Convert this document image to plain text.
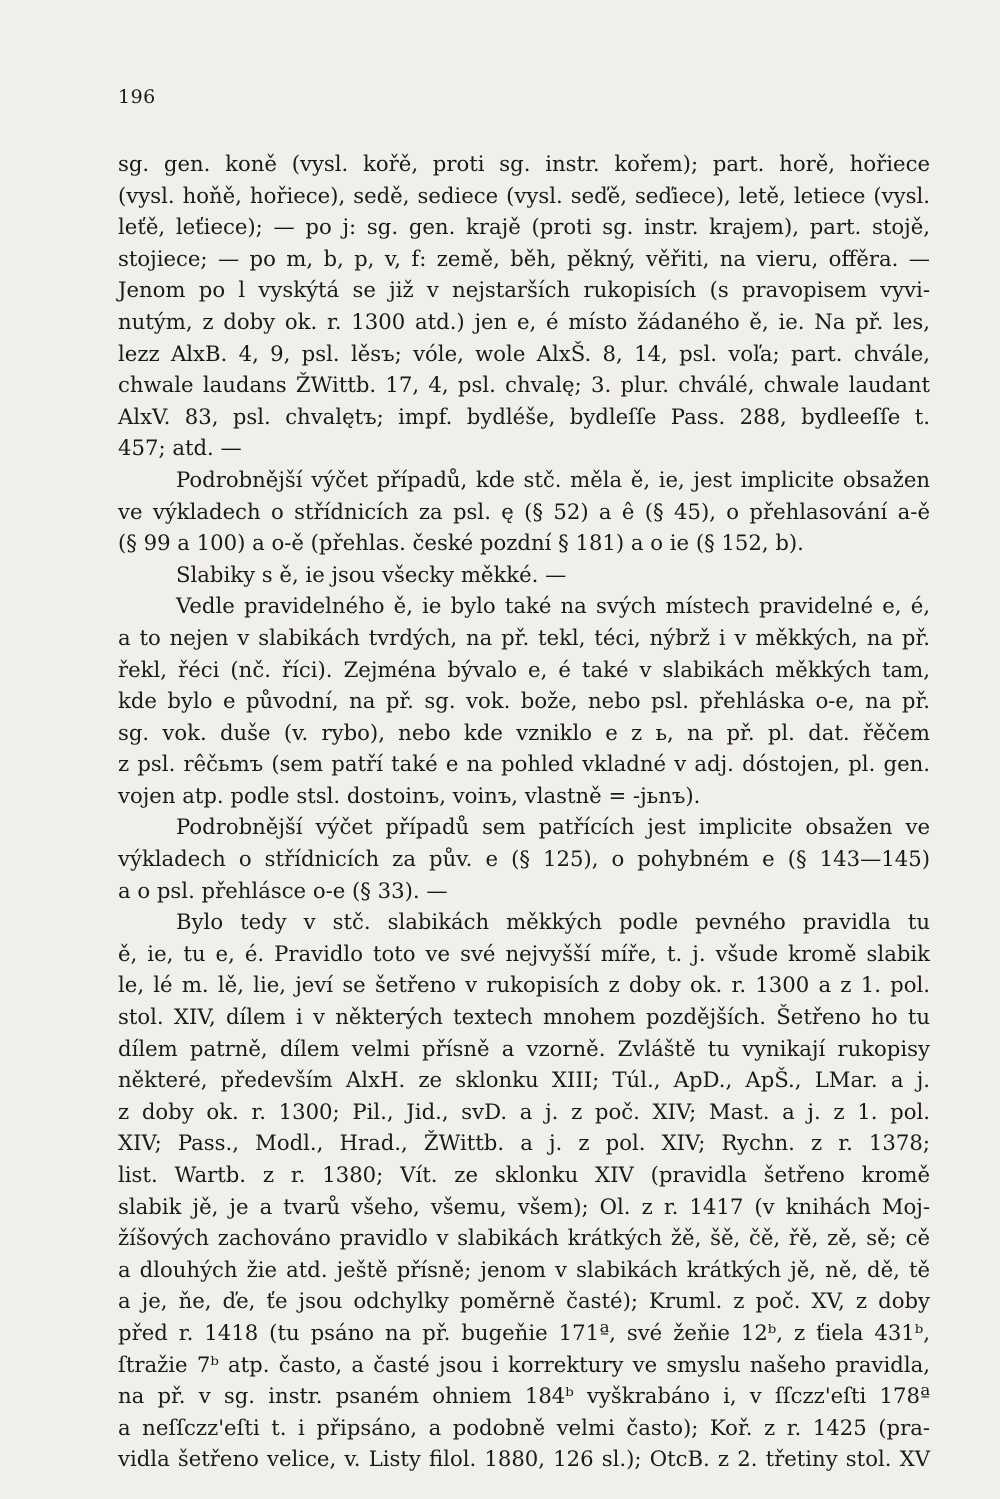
196
sg. gen. koně (vysl. kořě, proti sg. instr. kořem); part. horě, hořiece
(vysl. hoňě, hořiece), sedě, sediece (vysl. seďě, seďiece), letě, letiece (vysl.
leťě, leťiece); — po j: sg. gen. krajě (proti sg. instr. krajem), part. stojě,
stojiece; — po m, b, p, v, f: země, běh, pěkný, věřiti, na vieru, offěra. —
Jenom po l vyskýtá se již v nejstarších rukopisích (s pravopisem vyvi-
nutým, z doby ok. r. 1300 atd.) jen e, é místo žádaného ě, ie. Na př. les,
lezz AlxB. 4, 9, psl. lěsъ; vóle, wole AlxŠ. 8, 14, psl. voľa; part. chvále,
chwale laudans ŽWittb. 17, 4, psl. chvalę; 3. plur. chválé, chwale laudant
AlxV. 83, psl. chvalętъ; impf. bydléše, bydleſſe Pass. 288, bydleeſſe t.
457; atd. —
Podrobnější výčet případů, kde stč. měla ě, ie, jest implicite obsažen
ve výkladech o střídnicích za psl. ę (§ 52) a ê (§ 45), o přehlasování a-ě
(§ 99 a 100) a o-ě (přehlas. české pozdní § 181) a o ie (§ 152, b).
Slabiky s ě, ie jsou všecky měkké. —
Vedle pravidelného ě, ie bylo také na svých místech pravidelné e, é,
a to nejen v slabikách tvrdých, na př. tekl, téci, nýbrž i v měkkých, na př.
řekl, řéci (nč. říci). Zejména bývalo e, é také v slabikách měkkých tam,
kde bylo e původní, na př. sg. vok. bože, nebo psl. přehláska o-e, na př.
sg. vok. duše (v. rybo), nebo kde vzniklo e z ь, na př. pl. dat. řěčem
z psl. rêčьmъ (sem patří také e na pohled vkladné v adj. dóstojen, pl. gen.
vojen atp. podle stsl. dostoinъ, voinъ, vlastně = -jьnъ).
Podrobnější výčet případů sem patřících jest implicite obsažen ve
výkladech o střídnicích za pův. e (§ 125), o pohybném e (§ 143—145)
a o psl. přehlásce o-e (§ 33). —
Bylo tedy v stč. slabikách měkkých podle pevného pravidla tu
ě, ie, tu e, é. Pravidlo toto ve své nejvyšší míře, t. j. všude kromě slabik
le, lé m. lě, lie, jeví se šetřeno v rukopisích z doby ok. r. 1300 a z 1. pol.
stol. XIV, dílem i v některých textech mnohem pozdějších. Šetřeno ho tu
dílem patrně, dílem velmi přísně a vzorně. Zvláště tu vynikají rukopisy
některé, především AlxH. ze sklonku XIII; Túl., ApD., ApŠ., LMar. a j.
z doby ok. r. 1300; Pil., Jid., svD. a j. z poč. XIV; Mast. a j. z 1. pol.
XIV; Pass., Modl., Hrad., ŽWittb. a j. z pol. XIV; Rychn. z r. 1378;
list. Wartb. z r. 1380; Vít. ze sklonku XIV (pravidla šetřeno kromě
slabik jě, je a tvarů všeho, všemu, všem); Ol. z r. 1417 (v knihách Moj-
žíšových zachováno pravidlo v slabikách krátkých žě, šě, čě, řě, zě, sě; cě
a dlouhých žie atd. ještě přísně; jenom v slabikách krátkých jě, ně, dě, tě
a je, ňe, ďe, ťe jsou odchylky poměrně časté); Kruml. z poč. XV, z doby
před r. 1418 (tu psáno na př. bugeňie 171ª, své žeňie 12ᵇ, z ťiela 431ᵇ,
ſtražie 7ᵇ atp. často, a časté jsou i korrektury ve smyslu našeho pravidla,
na př. v sg. instr. psaném ohniem 184ᵇ vyškrabáno i, v ſſczz'eſti 178ª
a neſſczz'eſti t. i připsáno, a podobně velmi často); Koř. z r. 1425 (pra-
vidla šetřeno velice, v. Listy filol. 1880, 126 sl.); OtcB. z 2. třetiny stol. XV
